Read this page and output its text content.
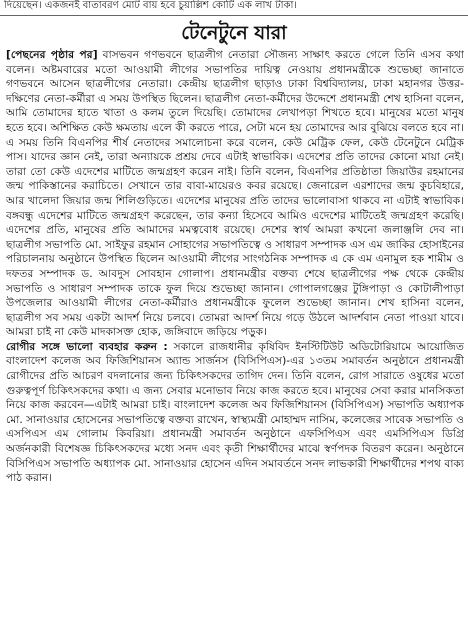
দিয়েছেন। একজনই বাতাবরণ মোট বায় হবে চুয়াল্লিশ কোটি এক লাখ টাকা।
টেনেটুনে যারা

[পেছনের পৃষ্ঠার পর] বাসভবন গণভবনে ছাত্রলীগ নেতারা সৌজন্য সাক্ষাৎ করতে গেলে তিনি এসব কথা বলেন। অষ্টমবারের মতো আওয়ামী লীগের সভাপতির দায়িত্ব নেওয়ায় প্রধানমন্ত্রীকে শুভেচ্ছা জানাতে গণভবনে আসেন ছাত্রলীগের নেতারা। কেন্দ্রীয় ছাত্রলীগ ছাড়াও ঢাকা বিশ্ববিদ্যালয়, ঢাকা মহানগর উত্তর-দক্ষিণের নেতা-কর্মীরা এ সময় উপস্থিত ছিলেন। ছাত্রলীগ নেতা-কর্মীদের উদ্দেশে প্রধানমন্ত্রী শেখ হাসিনা বলেন, আমি তোমাদের হাতে খাতা ও কলম তুলে দিয়েছি। তোমাদের লেখাপড়া শিখতে হবে। মানুষের মতো মানুষ হতে হবে। অশিক্ষিত কেউ ক্ষমতায় এলে কী করতে পারে, সেটা মনে হয় তোমাদের আর বুঝিয়ে বলতে হবে না। এ সময় তিনি বিএনপির শীর্ষ নেতাদের সমালোচনা করে বলেন, কেউ মেট্রিক ফেল, কেউ টেনেটুনে মেট্রিক পাস। যাদের জ্ঞান নেই, তারা অন্যায়কে প্রশ্রয় দেবে এটাই স্বাভাবিক। এদেশের প্রতি তাদের কোনো মায়া নেই। তারা তো কেউ এদেশের মাটিতে জন্মগ্রহণ করেন নাই। তিনি বলেন, বিএনপির প্রতিষ্ঠাতা জিয়াউর রহমানের জন্ম পাকিস্তানের করাচিতে। সেখানে তার বাবা-মায়েরও কবর রয়েছে। জেনারেল এরশাদের জন্ম কুচবিহারে, আর খালেদা জিয়ার জন্ম শিলিগুড়িতে। এদেশের মানুষের প্রতি তাদের ভালোবাসা থাকবে না এটাই স্বাভাবিক। বঙ্গবন্ধু এদেশের মাটিতে জন্মগ্রহণ করেছেন, তার কন্যা হিসেবে আমিও এদেশের মাটিতেই জন্মগ্রহণ করেছি। এদেশের প্রতি, মানুষের প্রতি আমাদের মমত্ববোধ রয়েছে। দেশের স্বার্থ আমরা কখনো জলাঞ্জলি দেব না। ছাত্রলীগ সভাপতি মো. সাইফুর রহমান সোহাগের সভাপতিত্বে ও সাধারণ সম্পাদক এস এম জাকির হোসাইনের পরিচালনায় অনুষ্ঠানে উপস্থিত ছিলেন আওয়ামী লীগের সাংগঠনিক সম্পাদক এ কে এম এনামুল হক শামীম ও দফতর সম্পাদক ড. আবদুস সোবহান গোলাপ। প্রধানমন্ত্রীর বক্তব্য শেষে ছাত্রলীগের পক্ষ থেকে কেন্দ্রীয় সভাপতি ও সাধারণ সম্পাদক তাকে ফুল দিয়ে শুভেচ্ছা জানান। গোপালগঞ্জের টুঙ্গিপাড়া ও কোটালীপাড়া উপজেলার আওয়ামী লীগের নেতা-কর্মীরাও প্রধানমন্ত্রীকে ফুলেল শুভেচ্ছা জানান। শেখ হাসিনা বলেন, ছাত্রলীগ সব সময় একটা আদর্শ নিয়ে চলবে। তোমরা আদর্শ নিয়ে গড়ে উঠলে আদর্শবান নেতা পাওয়া যাবে। আমরা চাই না কেউ মাদকাসক্ত হোক, জঙ্গিবাদে জড়িয়ে পড়ুক।

রোগীর সঙ্গে ভালো ব্যবহার করুন : সকালে রাজধানীর কৃষিবিদ ইনস্টিটিউট অডিটোরিয়ামে আয়োজিত বাংলাদেশ কলেজ অব ফিজিশিয়ানস অ্যান্ড সার্জনস (বিসিপিএস)-এর ১৩তম সমাবর্তন অনুষ্ঠানে প্রধানমন্ত্রী রোগীদের প্রতি আচরণ বদলানোর জন্য চিকিৎসকদের তাগিদ দেন। তিনি বলেন, রোগ সারাতে ওষুধের মতো গুরুত্বপূর্ণ চিকিৎসকদের কথা। এ জন্য সেবার মনোভাব নিয়ে কাজ করতে হবে। মানুষের সেবা করার মানসিকতা নিয়ে কাজ করবেন—এটাই আমরা চাই। বাংলাদেশ কলেজ অব ফিজিশিয়ানস (বিসিপিএস) সভাপতি অধ্যাপক মো. সানাওয়ার হোসেনের সভাপতিত্বে বক্তব্য রাখেন, স্বাস্থ্যমন্ত্রী মোহাম্মদ নাসিম, কলেজের সাবেক সভাপতি ও এসপিএস এম গোলাম কিবরিয়া। প্রধানমন্ত্রী সমাবর্তন অনুষ্ঠানে এফসিপিএস এবং এমসিপিএস ডিগ্রি অর্জনকারী বিশেষজ্ঞ চিকিৎসকদের মধ্যে সনদ এবং কৃতী শিক্ষার্থীদের মাঝে স্বর্ণপদক বিতরণ করেন। অনুষ্ঠানে বিসিপিএস সভাপতি অধ্যাপক মো. সানাওয়ার হোসেন এদিন সমাবর্তনে সনদ লাভকারী শিক্ষার্থীদের শপথ বাক্য পাঠ করান।
